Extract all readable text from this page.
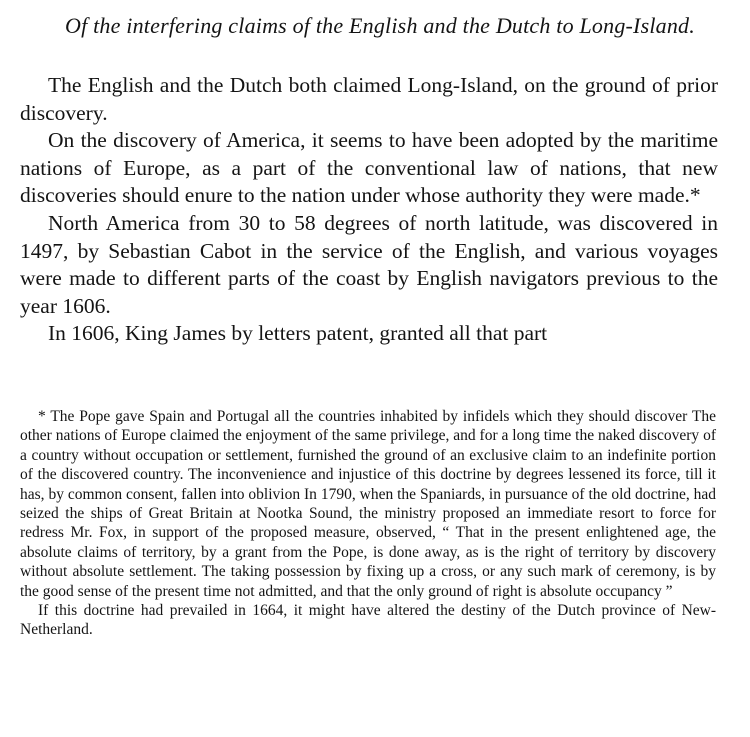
Of the interfering claims of the English and the Dutch to Long-Island.

The English and the Dutch both claimed Long-Island, on the ground of prior discovery.

On the discovery of America, it seems to have been adopted by the maritime nations of Europe, as a part of the conventional law of nations, that new discoveries should enure to the nation under whose authority they were made.*

North America from 30 to 58 degrees of north latitude, was discovered in 1497, by Sebastian Cabot in the service of the English, and various voyages were made to different parts of the coast by English navigators previous to the year 1606.

In 1606, King James by letters patent, granted all that part

* The Pope gave Spain and Portugal all the countries inhabited by infidels which they should discover The other nations of Europe claimed the enjoyment of the same privilege, and for a long time the naked discovery of a country without occupation or settlement, furnished the ground of an exclusive claim to an indefinite portion of the discovered country. The inconvenience and injustice of this doctrine by degrees lessened its force, till it has, by common consent, fallen into oblivion In 1790, when the Spaniards, in pursuance of the old doctrine, had seized the ships of Great Britain at Nootka Sound, the ministry proposed an immediate resort to force for redress Mr. Fox, in support of the proposed measure, observed, “ That in the present enlightened age, the absolute claims of territory, by a grant from the Pope, is done away, as is the right of territory by discovery without absolute settlement. The taking possession by fixing up a cross, or any such mark of ceremony, is by the good sense of the present time not admitted, and that the only ground of right is absolute occupancy ”

If this doctrine had prevailed in 1664, it might have altered the destiny of the Dutch province of New-Netherland.
